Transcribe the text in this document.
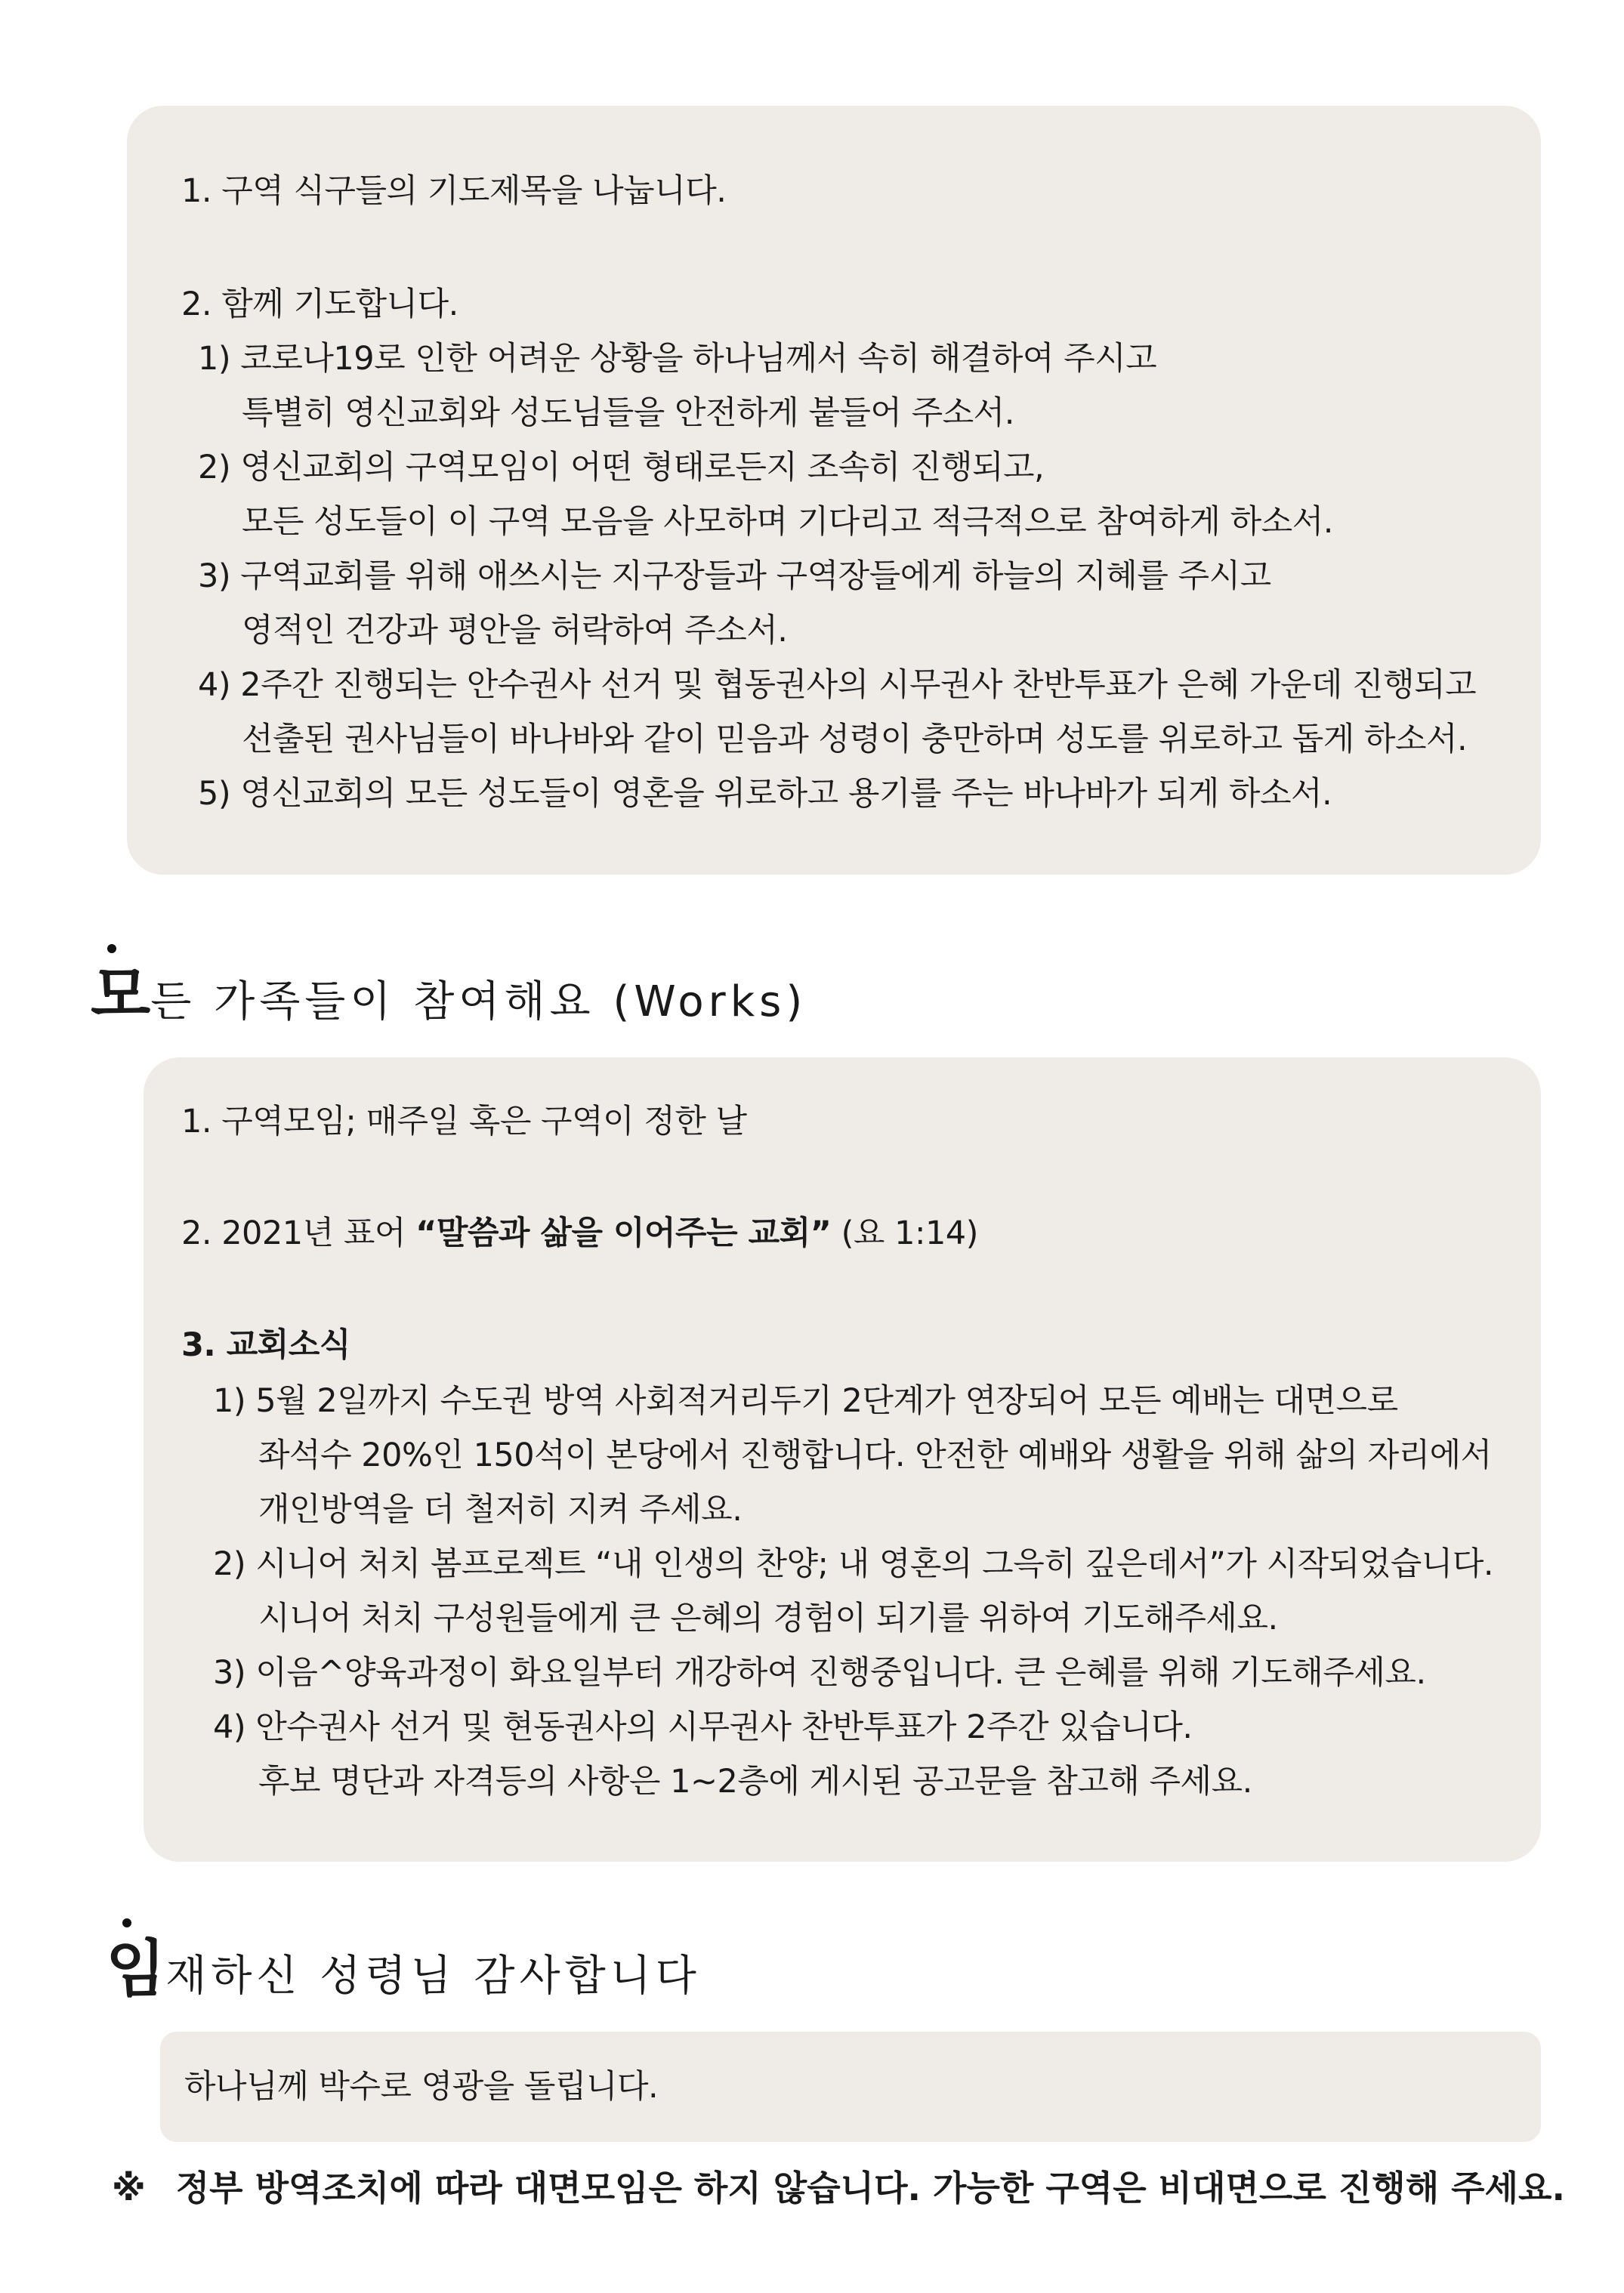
1. 구역 식구들의 기도제목을 나눕니다.
2. 함께 기도합니다.
1) 코로나19로 인한 어려운 상황을 하나님께서 속히 해결하여 주시고
특별히 영신교회와 성도님들을 안전하게 붙들어 주소서.
2) 영신교회의 구역모임이 어떤 형태로든지 조속히 진행되고,
모든 성도들이 이 구역 모음을 사모하며 기다리고 적극적으로 참여하게 하소서.
3) 구역교회를 위해 애쓰시는 지구장들과 구역장들에게 하늘의 지혜를 주시고
영적인 건강과 평안을 허락하여 주소서.
4) 2주간 진행되는 안수권사 선거 및 협동권사의 시무권사 찬반투표가 은혜 가운데 진행되고
선출된 권사님들이 바나바와 같이 믿음과 성령이 충만하며 성도를 위로하고 돕게 하소서.
5) 영신교회의 모든 성도들이 영혼을 위로하고 용기를 주는 바나바가 되게 하소서.
모든 가족들이 참여해요 (Works)
1. 구역모임; 매주일 혹은 구역이 정한 날
2. 2021년 표어 “말씀과 삶을 이어주는 교회” (요 1:14)
3. 교회소식
1) 5월 2일까지 수도권 방역 사회적거리두기 2단계가 연장되어 모든 예배는 대면으로
좌석수 20%인 150석이 본당에서 진행합니다. 안전한 예배와 생활을 위해 삶의 자리에서
개인방역을 더 철저히 지켜 주세요.
2) 시니어 처치 봄프로젝트 “내 인생의 찬양; 내 영혼의 그윽히 깊은데서”가 시작되었습니다.
시니어 처치 구성원들에게 큰 은혜의 경험이 되기를 위하여 기도해주세요.
3) 이음^양육과정이 화요일부터 개강하여 진행중입니다. 큰 은혜를 위해 기도해주세요.
4) 안수권사 선거 및 현동권사의 시무권사 찬반투표가 2주간 있습니다.
후보 명단과 자격등의 사항은 1~2층에 게시된 공고문을 참고해 주세요.
임재하신 성령님 감사합니다
하나님께 박수로 영광을 돌립니다.
※ 정부 방역조치에 따라 대면모임은 하지 않습니다. 가능한 구역은 비대면으로 진행해 주세요.
